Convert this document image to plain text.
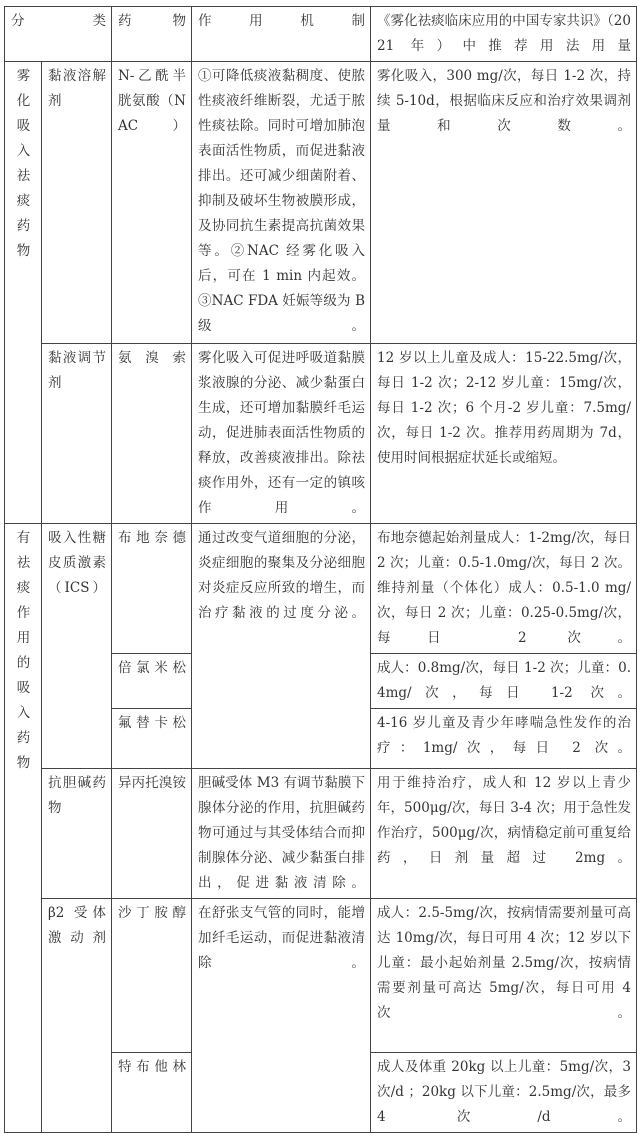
分　　　　类		药　　　物	作　　用　　机　　制	《雾化祛痰临床应用的中国专家共识》（2021 年）中推荐用法用量

雾
化
吸
入
祛
痰
药
物
	黏液溶解剂	N-乙酰半胱氨酸（NAC）	①可降低痰液黏稠度、使脓性痰液纤维断裂，尤适于脓性痰祛除。同时可增加肺泡表面活性物质，而促进黏液排出。还可减少细菌附着、抑制及破坏生物被膜形成，及协同抗生素提高抗菌效果等。②NAC 经雾化吸入后，可在 1 min 内起效。③NAC FDA 妊娠等级为 B 级。	雾化吸入，300 mg/次，每日 1-2 次，持续 5-10d，根据临床反应和治疗效果调剂量和次数。
	黏液调节剂	氨溴索	雾化吸入可促进呼吸道黏膜浆液腺的分泌、减少黏蛋白生成，还可增加黏膜纤毛运动，促进肺表面活性物质的释放，改善痰液排出。除祛痰作用外，还有一定的镇咳作用。	12 岁以上儿童及成人：15-22.5mg/次，每日 1-2 次；2-12 岁儿童：15mg/次，每日 1-2 次；6 个月-2 岁儿童：7.5mg/次，每日 1-2 次。推荐用药周期为 7d，使用时间根据症状延长或缩短。

有
祛
痰
作
用
的
吸
入
药
物
	吸入性糖皮质激素（ICS）	布地奈德	通过改变气道细胞的分泌，炎症细胞的聚集及分泌细胞对炎症反应所致的增生，而治疗黏液的过度分泌。	布地奈德起始剂量成人：1-2mg/次，每日 2 次；儿童：0.5-1.0mg/次，每日 2 次。维持剂量（个体化）成人：0.5-1.0 mg/次，每日 2 次；儿童：0.25-0.5mg/次，每日 2 次。
		倍氯米松		成人：0.8mg/次，每日 1-2 次；儿童：0.4mg/次，每日 1-2 次。
		氟替卡松		4-16 岁儿童及青少年哮喘急性发作的治疗：1mg/次，每日 2 次。
	抗胆碱药物	异丙托溴铵	胆碱受体 M3 有调节黏膜下腺体分泌的作用，抗胆碱药物可通过与其受体结合而抑制腺体分泌、减少黏蛋白排出，促进黏液清除。	用于维持治疗，成人和 12 岁以上青少年，500μg/次，每日 3-4 次；用于急性发作治疗，500μg/次，病情稳定前可重复给药，日剂量超过 2mg。
	β2 受体激动剂	沙丁胺醇	在舒张支气管的同时，能增加纤毛运动，而促进黏液清除。	成人：2.5-5mg/次，按病情需要剂量可高达 10mg/次，每日可用 4 次；12 岁以下儿童：最小起始剂量 2.5mg/次，按病情需要剂量可高达 5mg/次，每日可用 4 次。
		特布他林		成人及体重 20kg 以上儿童：5mg/次，3 次/d ；20kg 以下儿童：2.5mg/次，最多 4 次/d。
